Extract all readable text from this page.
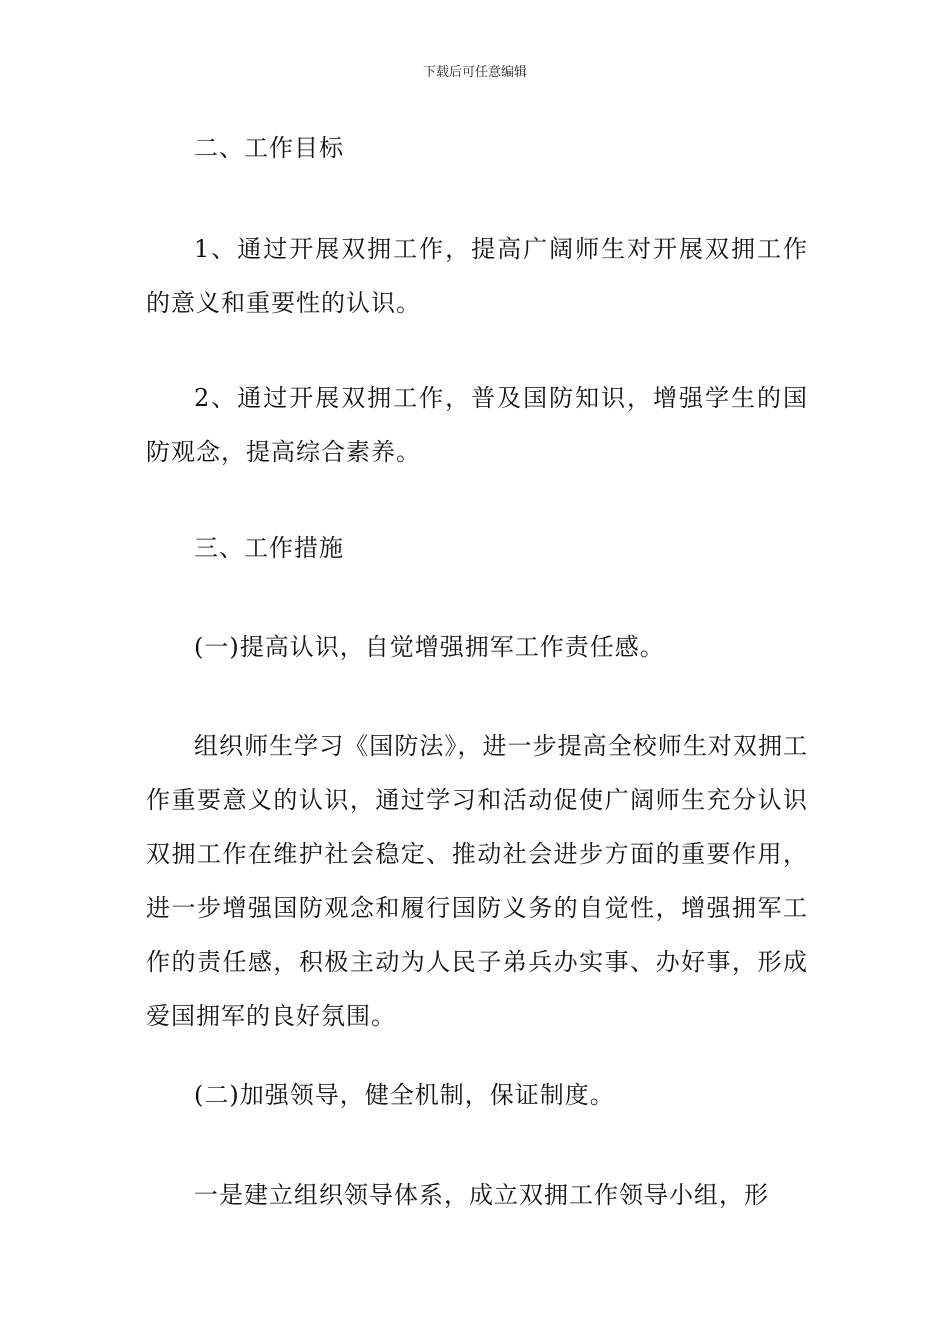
下载后可任意编辑

二、工作目标

1、通过开展双拥工作，提高广阔师生对开展双拥工作的意义和重要性的认识。

2、通过开展双拥工作，普及国防知识，增强学生的国防观念，提高综合素养。

三、工作措施

(一)提高认识，自觉增强拥军工作责任感。

组织师生学习《国防法》，进一步提高全校师生对双拥工作重要意义的认识，通过学习和活动促使广阔师生充分认识双拥工作在维护社会稳定、推动社会进步方面的重要作用，进一步增强国防观念和履行国防义务的自觉性，增强拥军工作的责任感，积极主动为人民子弟兵办实事、办好事，形成爱国拥军的良好氛围。

(二)加强领导，健全机制，保证制度。

一是建立组织领导体系，成立双拥工作领导小组，形
